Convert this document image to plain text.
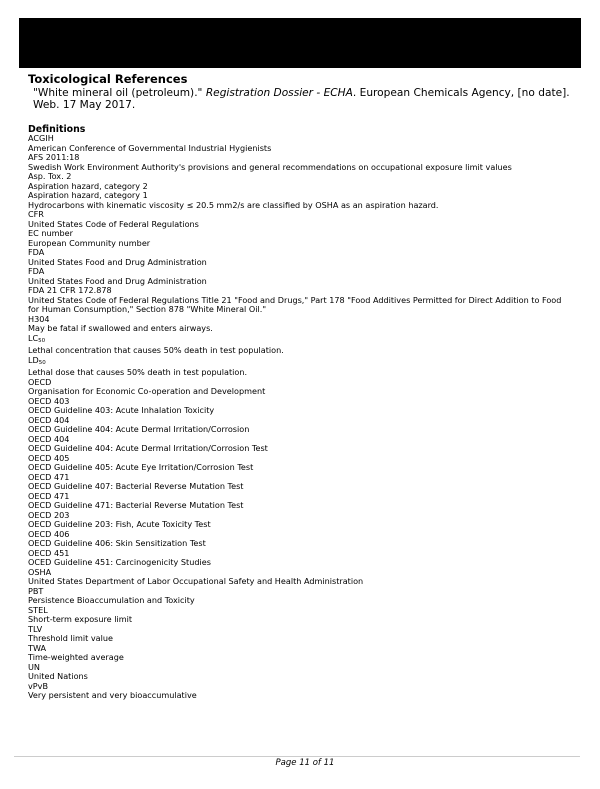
Toxicological References
"White mineral oil (petroleum)." Registration Dossier - ECHA. European Chemicals Agency, [no date]. Web. 17 May 2017.
Definitions
ACGIH
American Conference of Governmental Industrial Hygienists
AFS 2011:18
Swedish Work Environment Authority's provisions and general recommendations on occupational exposure limit values
Asp. Tox. 2
Aspiration hazard, category 2
Aspiration hazard, category 1
Hydrocarbons with kinematic viscosity ≤ 20.5 mm2/s are classified by OSHA as an aspiration hazard.
CFR
United States Code of Federal Regulations
EC number
European Community number
FDA
United States Food and Drug Administration
FDA
United States Food and Drug Administration
FDA 21 CFR 172.878
United States Code of Federal Regulations Title 21 "Food and Drugs," Part 178 "Food Additives Permitted for Direct Addition to Food for Human Consumption," Section 878 "White Mineral Oil."
H304
May be fatal if swallowed and enters airways.
LC50
Lethal concentration that causes 50% death in test population.
LD50
Lethal dose that causes 50% death in test population.
OECD
Organisation for Economic Co-operation and Development
OECD 403
OECD Guideline 403: Acute Inhalation Toxicity
OECD 404
OECD Guideline 404: Acute Dermal Irritation/Corrosion
OECD 404
OECD Guideline 404: Acute Dermal Irritation/Corrosion Test
OECD 405
OECD Guideline 405: Acute Eye Irritation/Corrosion Test
OECD 471
OECD Guideline 407: Bacterial Reverse Mutation Test
OECD 471
OECD Guideline 471: Bacterial Reverse Mutation Test
OECD 203
OECD Guideline 203: Fish, Acute Toxicity Test
OECD 406
OECD Guideline 406: Skin Sensitization Test
OECD 451
OCED Guideline 451: Carcinogenicity Studies
OSHA
United States Department of Labor Occupational Safety and Health Administration
PBT
Persistence Bioaccumulation and Toxicity
STEL
Short-term exposure limit
TLV
Threshold limit value
TWA
Time-weighted average
UN
United Nations
vPvB
Very persistent and very bioaccumulative
Page 11 of 11
